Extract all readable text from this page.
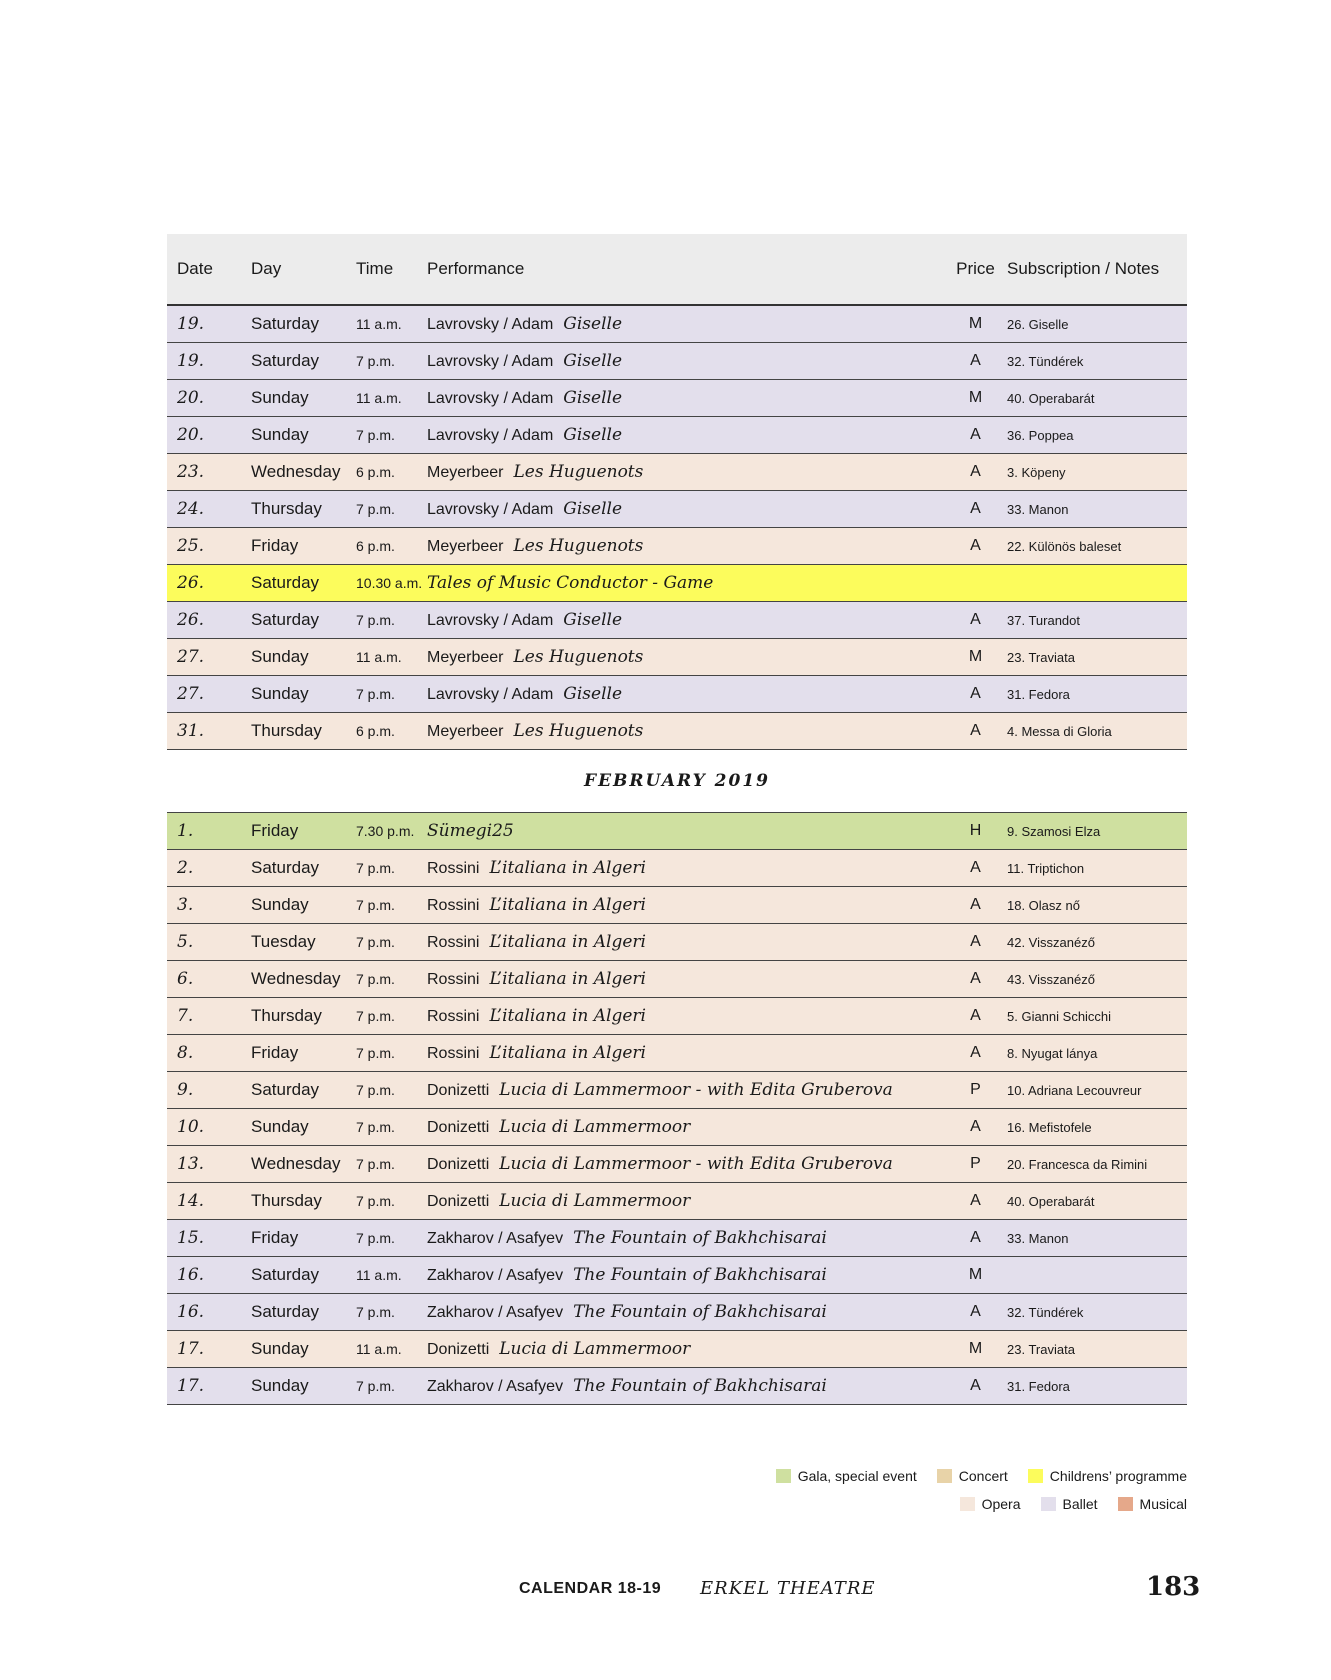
Date	Day	Time	Performance	Price Subscription / Notes
19.	Saturday	11 a.m.	Lavrovsky / Adam Giselle	M	26. Giselle
19.	Saturday	7 p.m.	Lavrovsky / Adam Giselle	A	32. Tündérek
20.	Sunday	11 a.m.	Lavrovsky / Adam Giselle	M	40. Operabarát
20.	Sunday	7 p.m.	Lavrovsky / Adam Giselle	A	36. Poppea
23.	Wednesday	6 p.m.	Meyerbeer Les Huguenots	A	3. Köpeny
24.	Thursday	7 p.m.	Lavrovsky / Adam Giselle	A	33. Manon
25.	Friday	6 p.m.	Meyerbeer Les Huguenots	A	22. Különös baleset
26.	Saturday	10.30 a.m. Tales of Music Conductor - Game
26.	Saturday	7 p.m.	Lavrovsky / Adam Giselle	A	37. Turandot
27.	Sunday	11 a.m.	Meyerbeer Les Huguenots	M	23. Traviata
27.	Sunday	7 p.m.	Lavrovsky / Adam Giselle	A	31. Fedora
31.	Thursday	6 p.m.	Meyerbeer Les Huguenots	A	4. Messa di Gloria
FEBRUARY 2019
1.	Friday	7.30 p.m. Sümegi25	H	9. Szamosi Elza
2.	Saturday	7 p.m.	Rossini L’italiana in Algeri	A	11. Triptichon
3.	Sunday	7 p.m.	Rossini L’italiana in Algeri	A	18. Olasz nő
5.	Tuesday	7 p.m.	Rossini L’italiana in Algeri	A	42. Visszanéző
6.	Wednesday	7 p.m.	Rossini L’italiana in Algeri	A	43. Visszanéző
7.	Thursday	7 p.m.	Rossini L’italiana in Algeri	A	5. Gianni Schicchi
8.	Friday	7 p.m.	Rossini L’italiana in Algeri	A	8. Nyugat lánya
9.	Saturday	7 p.m.	Donizetti Lucia di Lammermoor - with Edita Gruberova	P	10. Adriana Lecouvreur
10.	Sunday	7 p.m.	Donizetti Lucia di Lammermoor	A	16. Mefistofele
13.	Wednesday	7 p.m.	Donizetti Lucia di Lammermoor - with Edita Gruberova	P	20. Francesca da Rimini
14.	Thursday	7 p.m.	Donizetti Lucia di Lammermoor	A	40. Operabarát
15.	Friday	7 p.m.	Zakharov / Asafyev The Fountain of Bakhchisarai	A	33. Manon
16.	Saturday	11 a.m.	Zakharov / Asafyev The Fountain of Bakhchisarai	M
16.	Saturday	7 p.m.	Zakharov / Asafyev The Fountain of Bakhchisarai	A	32. Tündérek
17.	Sunday	11 a.m.	Donizetti Lucia di Lammermoor	M	23. Traviata
17.	Sunday	7 p.m.	Zakharov / Asafyev The Fountain of Bakhchisarai	A	31. Fedora
Gala, special event	Concert	Childrens’ programme
Opera	Ballet	Musical
CALENDAR 18-19 ERKEL THEATRE	183
